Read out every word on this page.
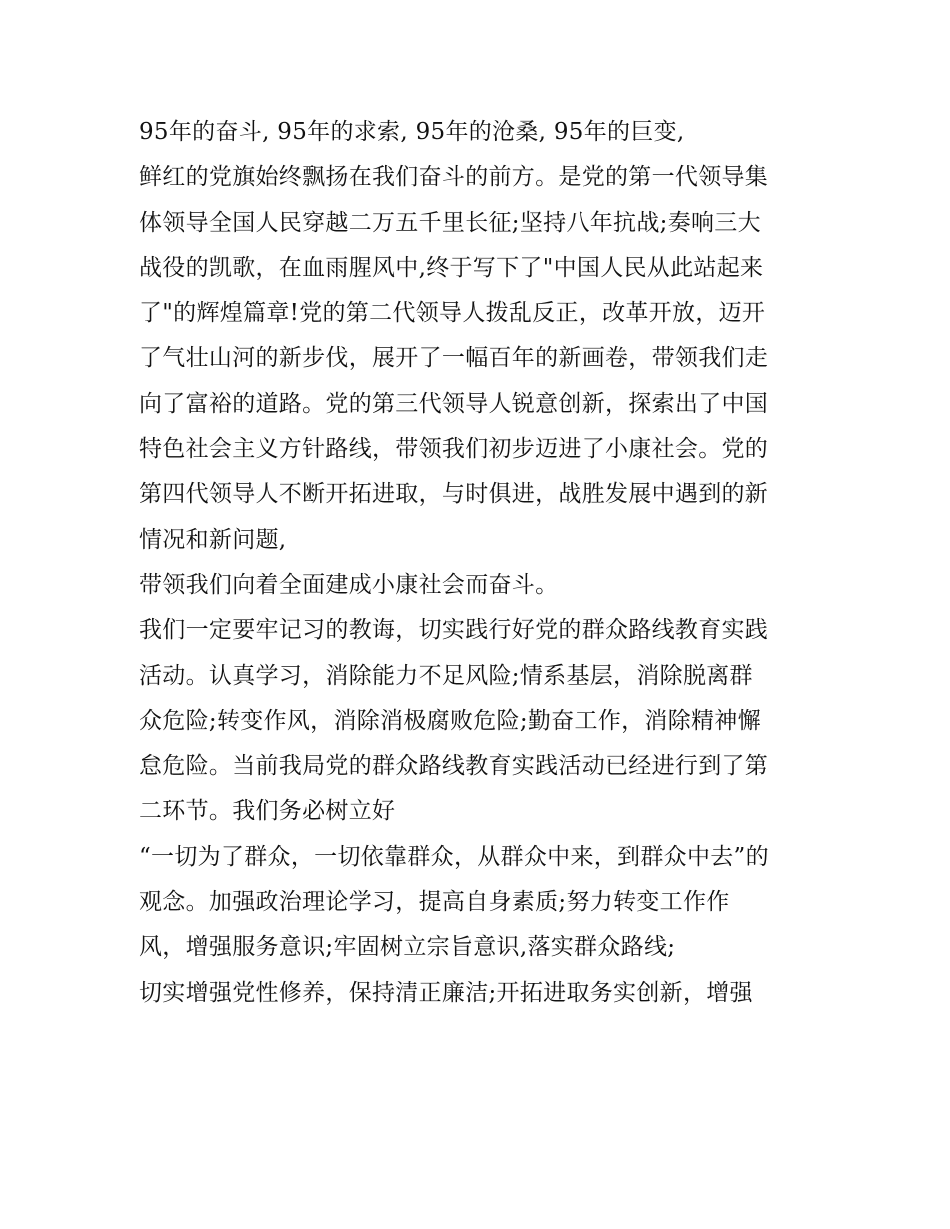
95年的奋斗, 95年的求索, 95年的沧桑, 95年的巨变,
鲜红的党旗始终飘扬在我们奋斗的前方。是党的第一代领导集
体领导全国人民穿越二万五千里长征;坚持八年抗战;奏响三大
战役的凯歌，在血雨腥风中,终于写下了"中国人民从此站起来
了"的辉煌篇章!党的第二代领导人拨乱反正，改革开放，迈开
了气壮山河的新步伐，展开了一幅百年的新画卷，带领我们走
向了富裕的道路。党的第三代领导人锐意创新，探索出了中国
特色社会主义方针路线，带领我们初步迈进了小康社会。党的
第四代领导人不断开拓进取，与时俱进，战胜发展中遇到的新
情况和新问题,
带领我们向着全面建成小康社会而奋斗。
我们一定要牢记习的教诲，切实践行好党的群众路线教育实践
活动。认真学习，消除能力不足风险;情系基层，消除脱离群
众危险;转变作风，消除消极腐败危险;勤奋工作，消除精神懈
怠危险。当前我局党的群众路线教育实践活动已经进行到了第
二环节。我们务必树立好
“一切为了群众，一切依靠群众，从群众中来，到群众中去”的
观念。加强政治理论学习，提高自身素质;努力转变工作作
风，增强服务意识;牢固树立宗旨意识,落实群众路线;
切实增强党性修养，保持清正廉洁;开拓进取务实创新，增强
